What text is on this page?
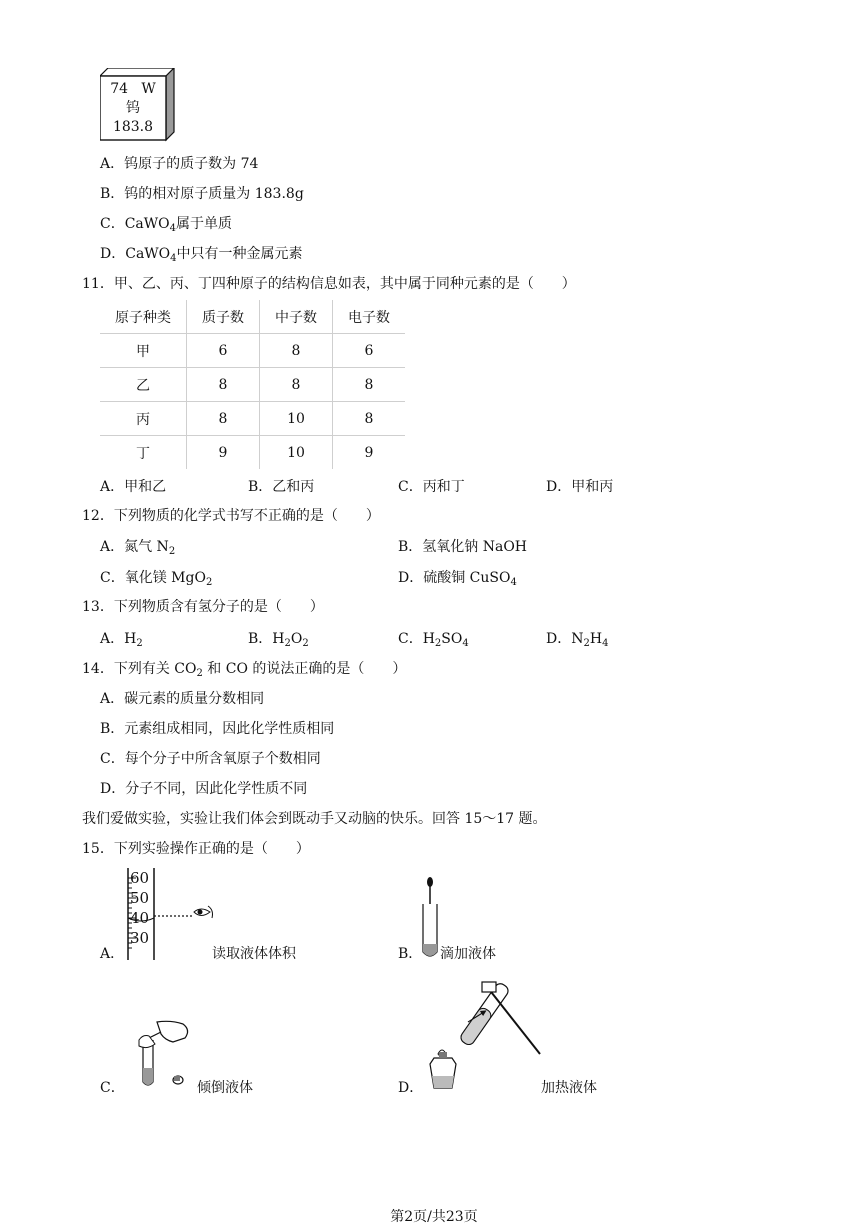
74 W
钨
183.8
A．钨原子的质子数为 74
B．钨的相对原子质量为 183.8g
C．CaWO$_4$属于单质
D．CaWO$_4$中只有一种金属元素
11．甲、乙、丙、丁四种原子的结构信息如表，其中属于同种元素的是（　　）
原子种类	质子数	中子数	电子数
甲	6	8	6
乙	8	8	8
丙	8	10	8
丁	9	10	9
A．甲和乙	B．乙和丙	C．丙和丁	D．甲和丙
12．下列物质的化学式书写不正确的是（　　）
A．氮气 $N_2$	B．氢氧化钠 NaOH
C．氧化镁 MgO$_2$	D．硫酸铜 CuSO$_4$
13．下列物质含有氢分子的是（　　）
A．$H_2$	B．$H_2O_2$	C．$H_2SO_4$	D．$N_2H_4$
14．下列有关 $CO_2$ 和 CO 的说法正确的是（　　）
A．碳元素的质量分数相同
B．元素组成相同，因此化学性质相同
C．每个分子中所含氧原子个数相同
D．分子不同，因此化学性质不同
我们爱做实验，实验让我们体会到既动手又动脑的快乐。回答 15～17 题。
15．下列实验操作正确的是（　　）
60
50
40
30
A．	读取液体体积	B． 滴加液体
C．	倾倒液体	D．	加热液体
第2页/共23页
